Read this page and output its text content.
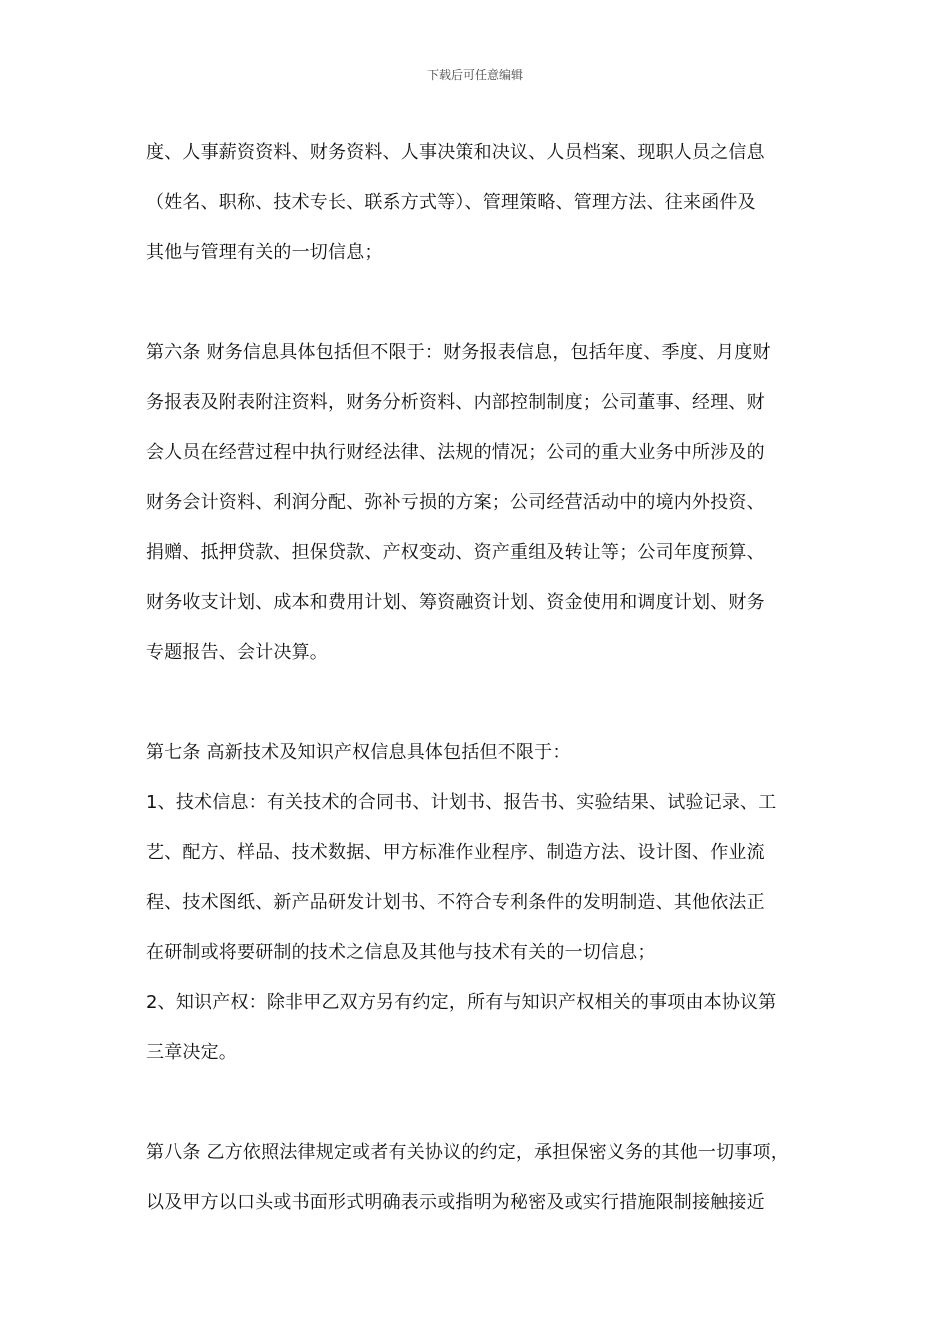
下载后可任意编辑
度、人事薪资资料、财务资料、人事决策和决议、人员档案、现职人员之信息
（姓名、职称、技术专长、联系方式等）、管理策略、管理方法、往来函件及
其他与管理有关的一切信息；
第六条 财务信息具体包括但不限于：财务报表信息，包括年度、季度、月度财
务报表及附表附注资料，财务分析资料、内部控制制度；公司董事、经理、财
会人员在经营过程中执行财经法律、法规的情况；公司的重大业务中所涉及的
财务会计资料、利润分配、弥补亏损的方案；公司经营活动中的境内外投资、
捐赠、抵押贷款、担保贷款、产权变动、资产重组及转让等；公司年度预算、
财务收支计划、成本和费用计划、筹资融资计划、资金使用和调度计划、财务
专题报告、会计决算。
第七条 高新技术及知识产权信息具体包括但不限于：
1、技术信息：有关技术的合同书、计划书、报告书、实验结果、试验记录、工
艺、配方、样品、技术数据、甲方标准作业程序、制造方法、设计图、作业流
程、技术图纸、新产品研发计划书、不符合专利条件的发明制造、其他依法正
在研制或将要研制的技术之信息及其他与技术有关的一切信息；
2、知识产权：除非甲乙双方另有约定，所有与知识产权相关的事项由本协议第
三章决定。
第八条 乙方依照法律规定或者有关协议的约定，承担保密义务的其他一切事项，
以及甲方以口头或书面形式明确表示或指明为秘密及或实行措施限制接触接近
